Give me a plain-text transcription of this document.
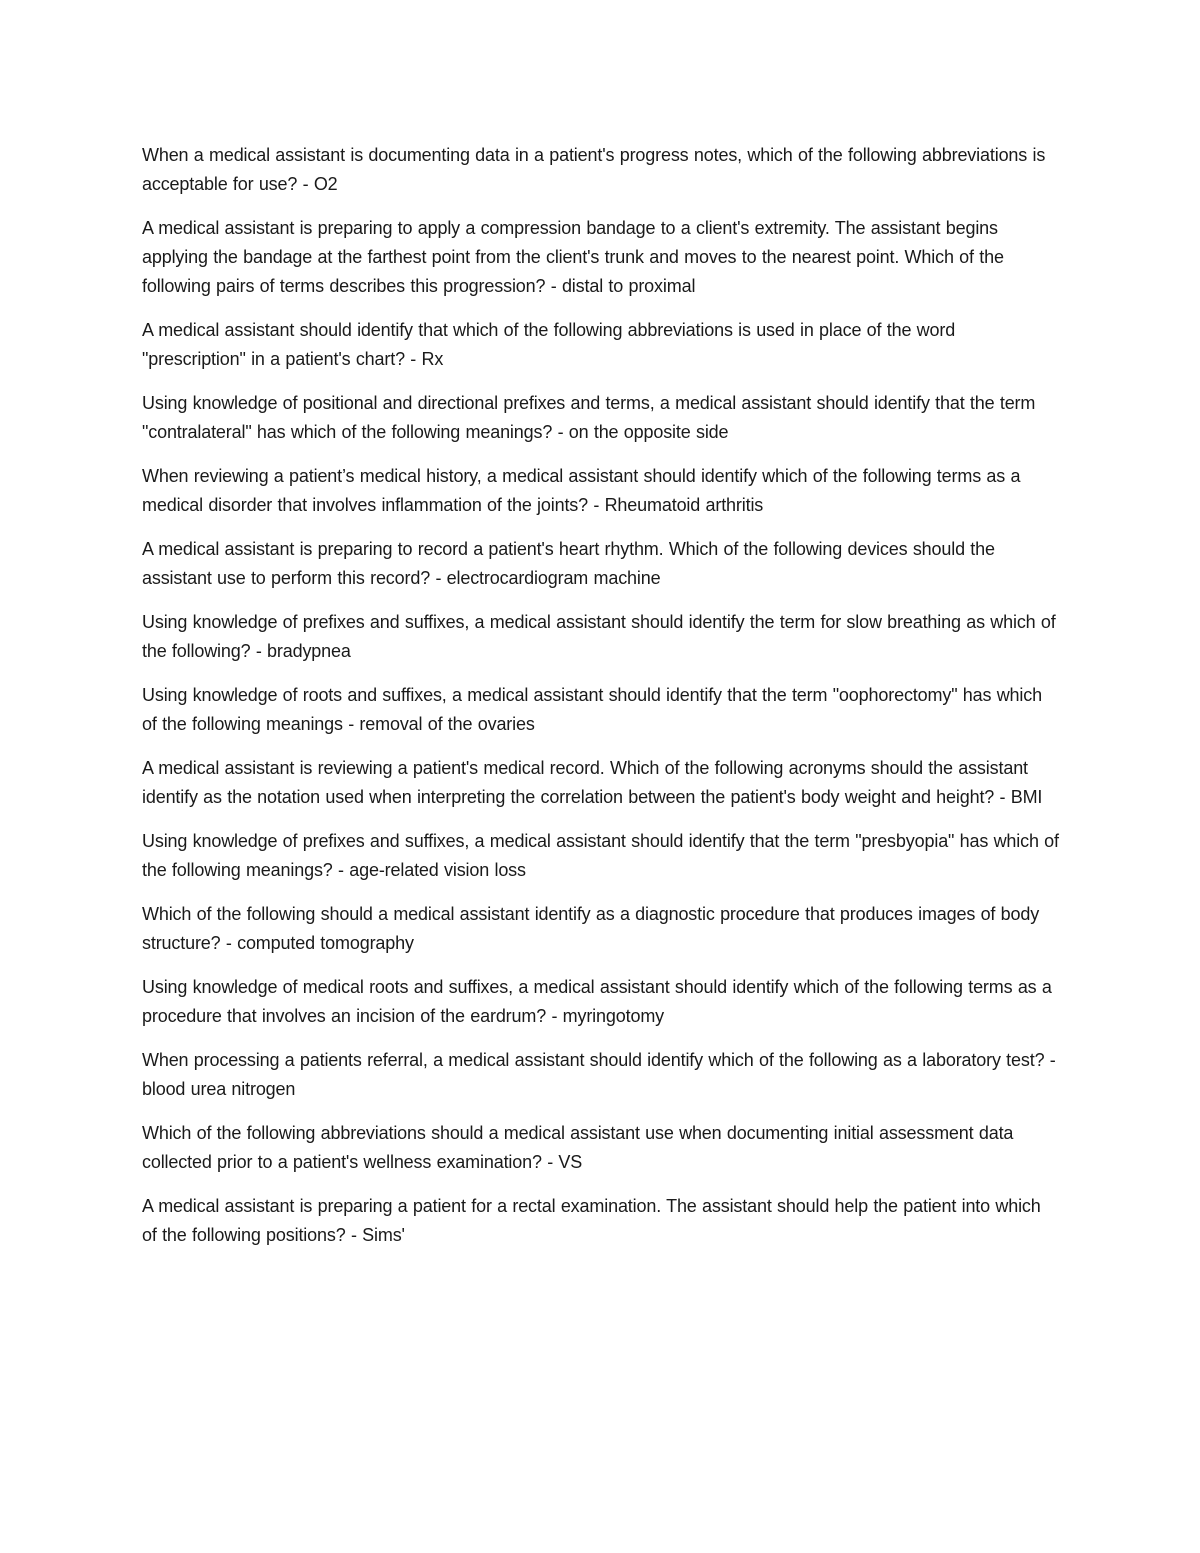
When a medical assistant is documenting data in a patient's progress notes, which of the following abbreviations is acceptable for use? - O2

A medical assistant is preparing to apply a compression bandage to a client's extremity. The assistant begins applying the bandage at the farthest point from the client's trunk and moves to the nearest point. Which of the following pairs of terms describes this progression? - distal to proximal

A medical assistant should identify that which of the following abbreviations is used in place of the word "prescription" in a patient's chart? - Rx

Using knowledge of positional and directional prefixes and terms, a medical assistant should identify that the term "contralateral" has which of the following meanings? - on the opposite side

When reviewing a patient’s medical history, a medical assistant should identify which of the following terms as a medical disorder that involves inflammation of the joints? - Rheumatoid arthritis

A medical assistant is preparing to record a patient's heart rhythm. Which of the following devices should the assistant use to perform this record? - electrocardiogram machine

Using knowledge of prefixes and suffixes, a medical assistant should identify the term for slow breathing as which of the following? - bradypnea

Using knowledge of roots and suffixes, a medical assistant should identify that the term "oophorectomy" has which of the following meanings - removal of the ovaries

A medical assistant is reviewing a patient's medical record. Which of the following acronyms should the assistant identify as the notation used when interpreting the correlation between the patient's body weight and height? - BMI

Using knowledge of prefixes and suffixes, a medical assistant should identify that the term "presbyopia" has which of the following meanings? - age-related vision loss

Which of the following should a medical assistant identify as a diagnostic procedure that produces images of body structure? - computed tomography

Using knowledge of medical roots and suffixes, a medical assistant should identify which of the following terms as a procedure that involves an incision of the eardrum? - myringotomy

When processing a patients referral, a medical assistant should identify which of the following as a laboratory test? - blood urea nitrogen

Which of the following abbreviations should a medical assistant use when documenting initial assessment data collected prior to a patient's wellness examination? - VS

A medical assistant is preparing a patient for a rectal examination. The assistant should help the patient into which of the following positions? - Sims'
